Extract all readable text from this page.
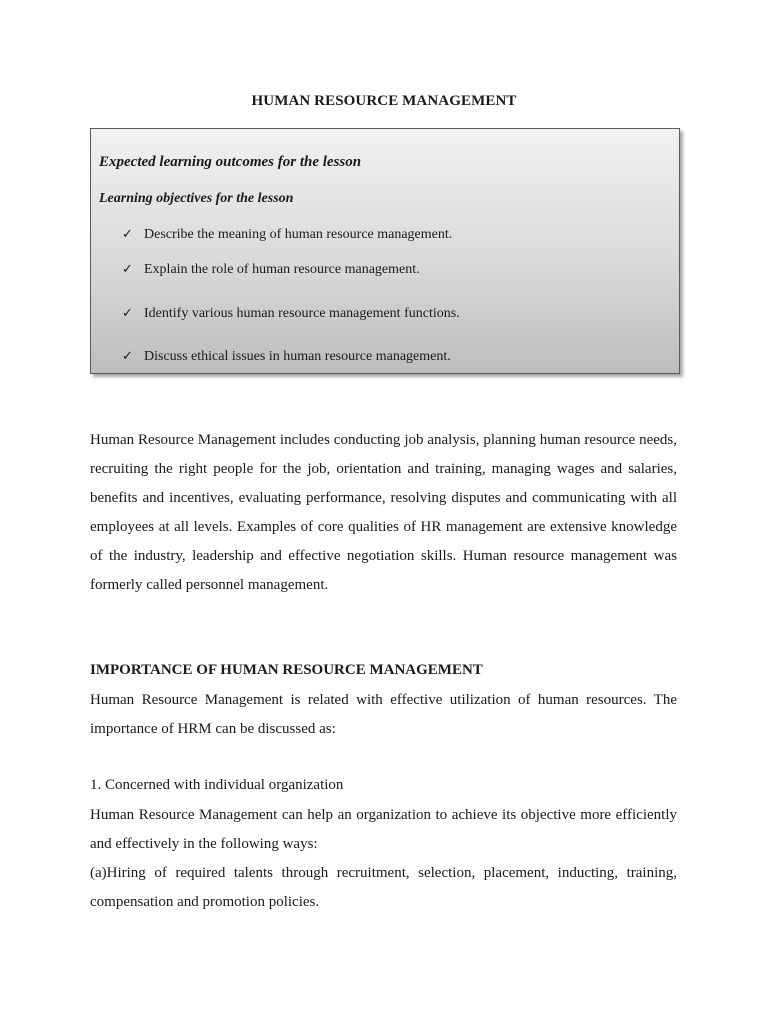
HUMAN RESOURCE MANAGEMENT

Expected learning outcomes for the lesson

Learning objectives for the lesson

✓ Describe the meaning of human resource management.
✓ Explain the role of human resource management.
✓ Identify various human resource management functions.
✓ Discuss ethical issues in human resource management.

Human Resource Management includes conducting job analysis, planning human resource needs, recruiting the right people for the job, orientation and training, managing wages and salaries, benefits and incentives, evaluating performance, resolving disputes and communicating with all employees at all levels. Examples of core qualities of HR management are extensive knowledge of the industry, leadership and effective negotiation skills. Human resource management was formerly called personnel management.

IMPORTANCE OF HUMAN RESOURCE MANAGEMENT

Human Resource Management is related with effective utilization of human resources. The importance of HRM can be discussed as:

1. Concerned with individual organization

Human Resource Management can help an organization to achieve its objective more efficiently and effectively in the following ways:

(a)Hiring of required talents through recruitment, selection, placement, inducting, training, compensation and promotion policies.
